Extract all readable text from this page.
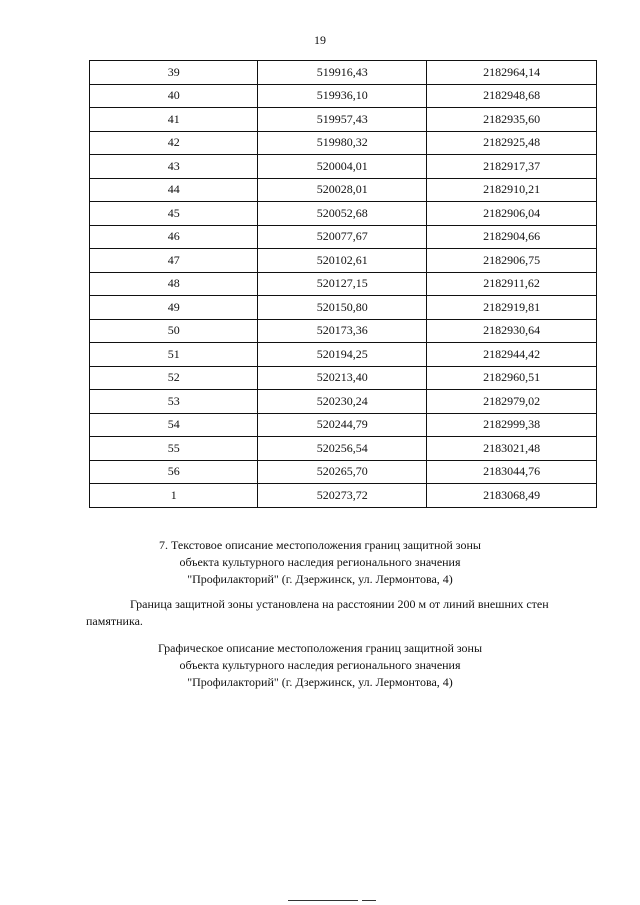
19
39	519916,43	2182964,14
40	519936,10	2182948,68
41	519957,43	2182935,60
42	519980,32	2182925,48
43	520004,01	2182917,37
44	520028,01	2182910,21
45	520052,68	2182906,04
46	520077,67	2182904,66
47	520102,61	2182906,75
48	520127,15	2182911,62
49	520150,80	2182919,81
50	520173,36	2182930,64
51	520194,25	2182944,42
52	520213,40	2182960,51
53	520230,24	2182979,02
54	520244,79	2182999,38
55	520256,54	2183021,48
56	520265,70	2183044,76
1	520273,72	2183068,49
7. Текстовое описание местоположения границ защитной зоны
объекта культурного наследия регионального значения
"Профилакторий" (г. Дзержинск, ул. Лермонтова, 4)
Граница защитной зоны установлена на расстоянии 200 м от линий внешних стен
памятника.
Графическое описание местоположения границ защитной зоны
объекта культурного наследия регионального значения
"Профилакторий" (г. Дзержинск, ул. Лермонтова, 4)
